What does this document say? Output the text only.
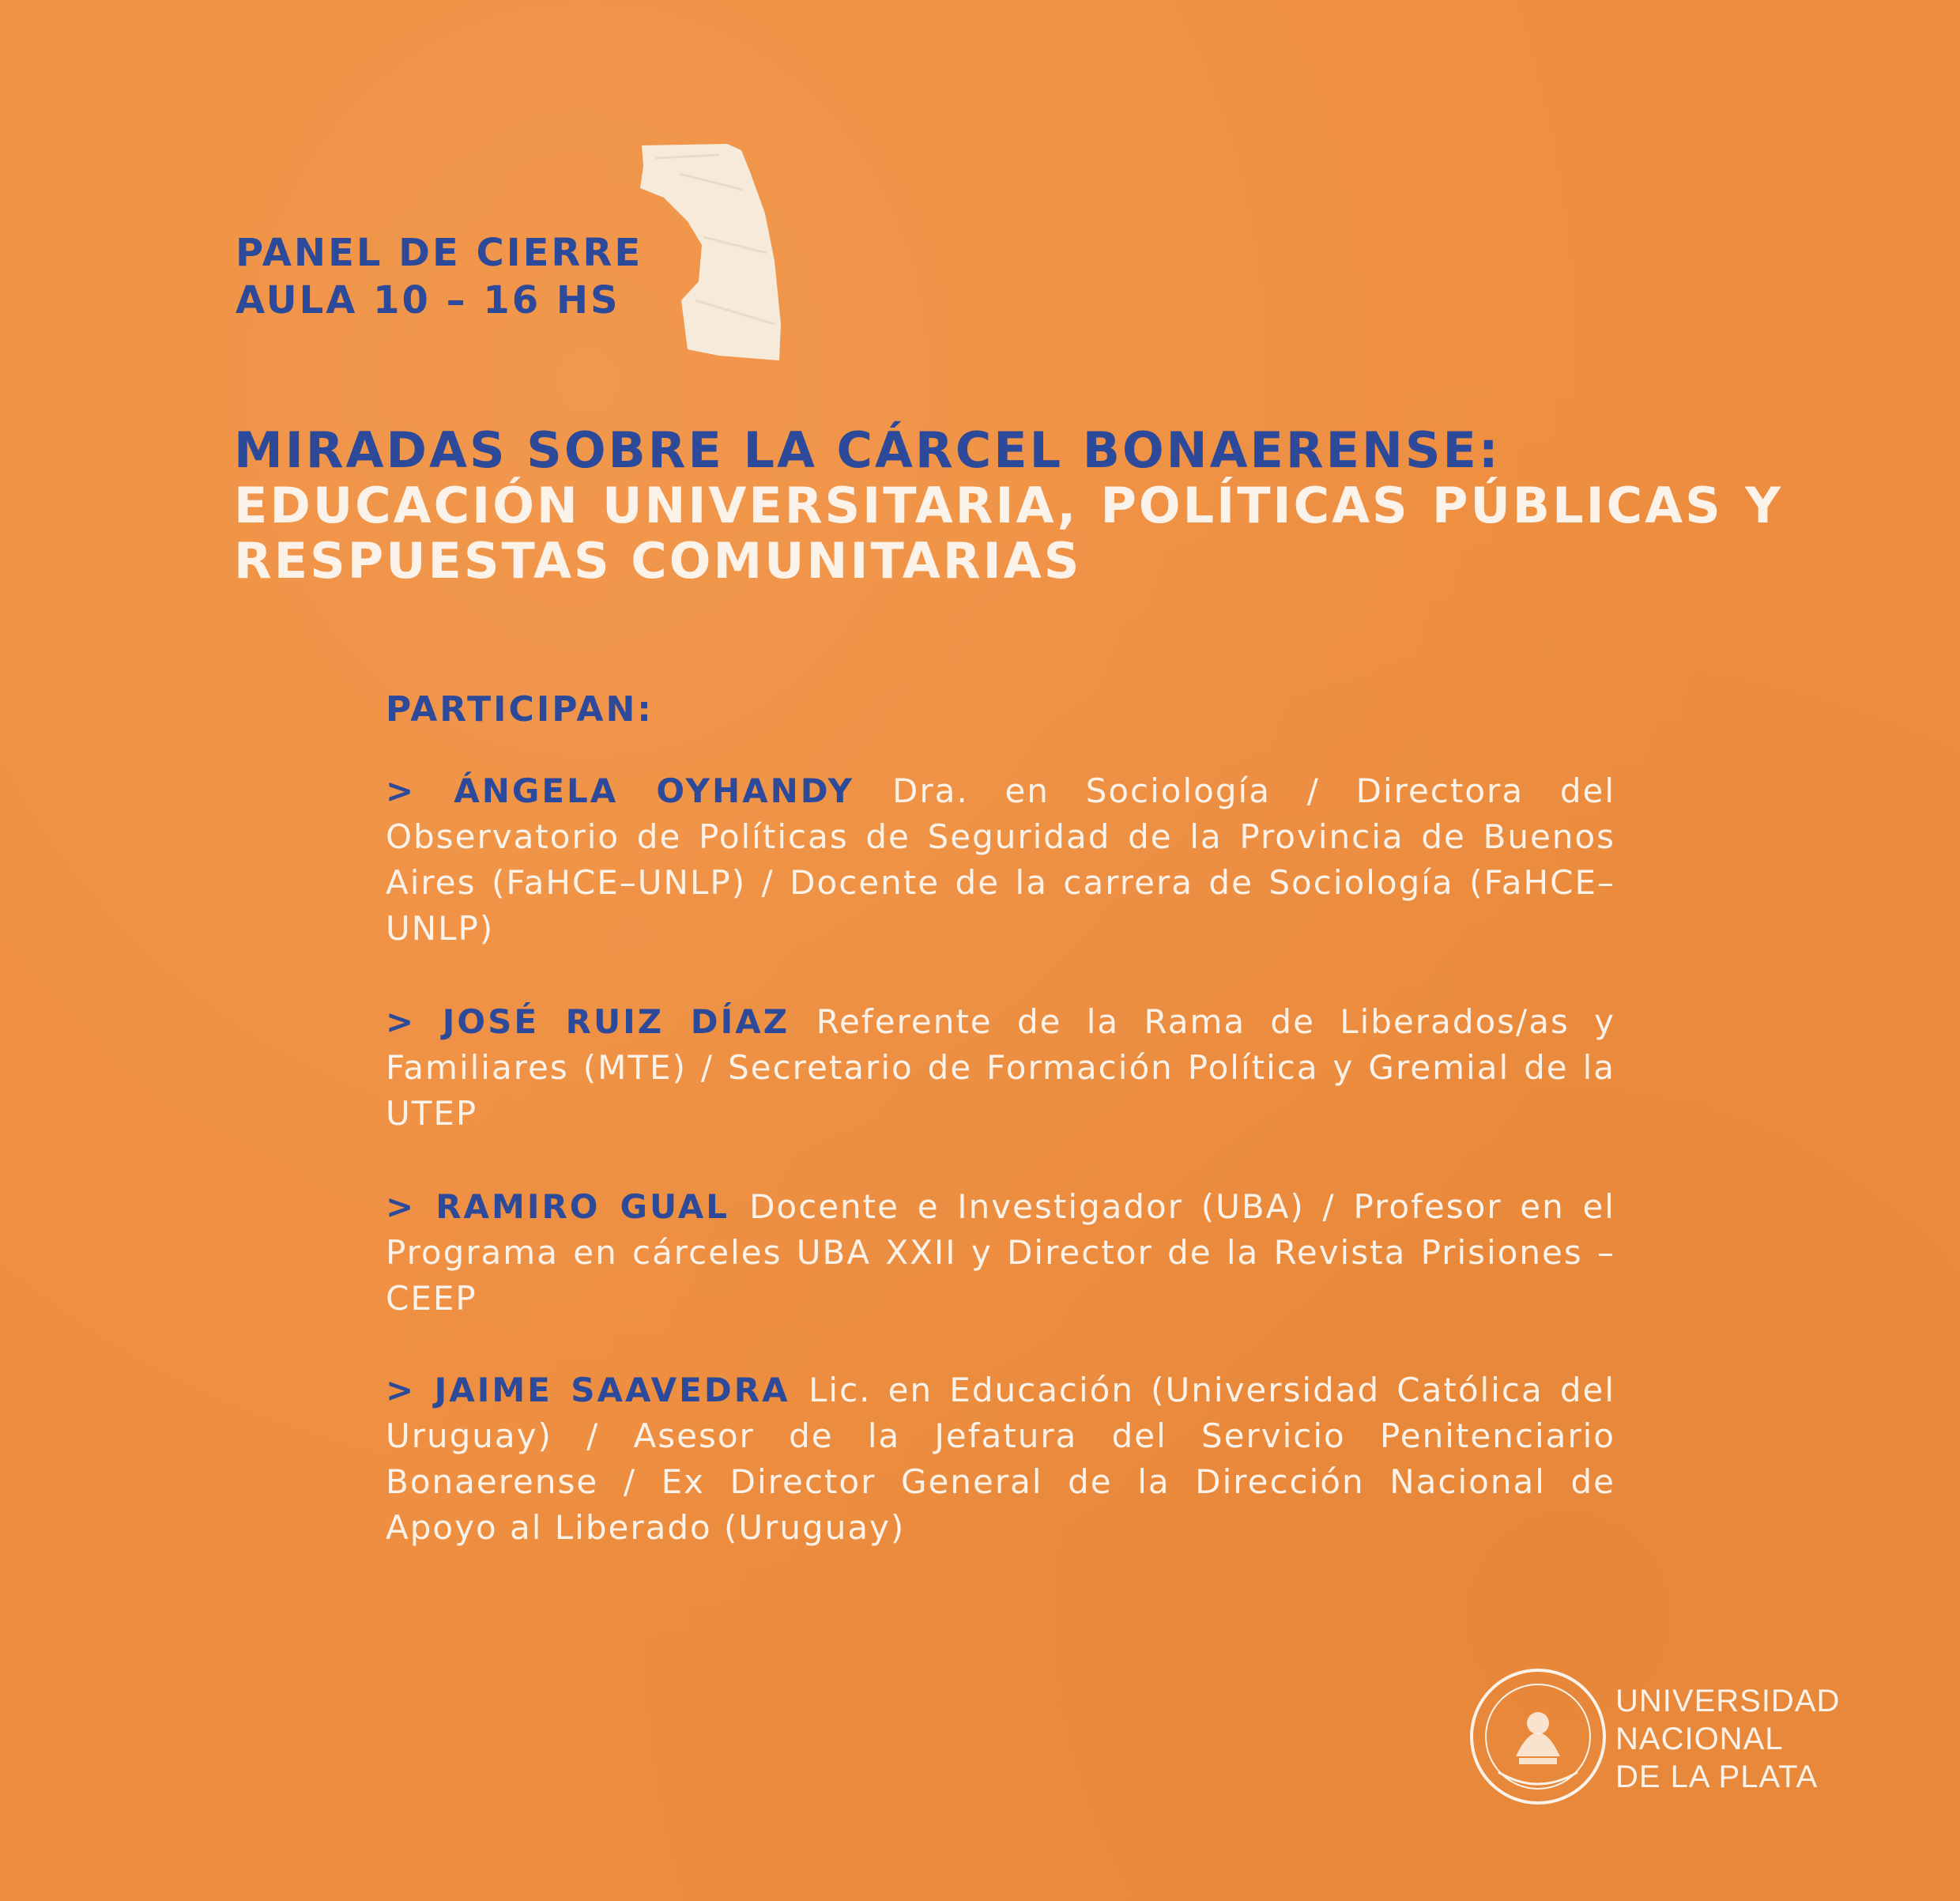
PANEL DE CIERRE
AULA 10 – 16 HS
MIRADAS SOBRE LA CÁRCEL BONAERENSE:
EDUCACIÓN UNIVERSITARIA, POLÍTICAS PÚBLICAS Y RESPUESTAS COMUNITARIAS
PARTICIPAN:
> ÁNGELA OYHANDY Dra. en Sociología / Directora del Observatorio de Políticas de Seguridad de la Provincia de Buenos Aires (FaHCE–UNLP) / Docente de la carrera de Sociología (FaHCE–UNLP)
> JOSÉ RUIZ DÍAZ Referente de la Rama de Liberados/as y Familiares (MTE) / Secretario de Formación Política y Gremial de la UTEP
> RAMIRO GUAL Docente e Investigador (UBA) / Profesor en el Programa en cárceles UBA XXII y Director de la Revista Prisiones – CEEP
> JAIME SAAVEDRA Lic. en Educación (Universidad Católica del Uruguay) / Asesor de la Jefatura del Servicio Penitenciario Bonaerense / Ex Director General de la Dirección Nacional de Apoyo al Liberado (Uruguay)
UNIVERSIDAD
NACIONAL
DE LA PLATA
